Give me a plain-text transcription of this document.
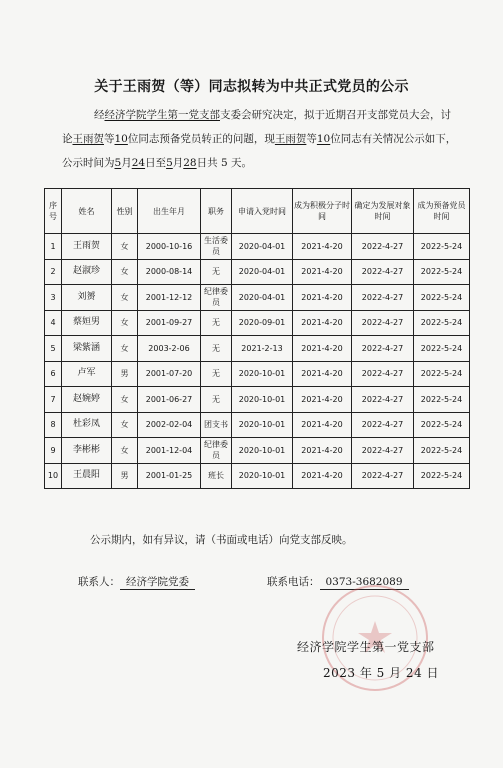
关于王雨贺（等）同志拟转为中共正式党员的公示
经经济学院学生第一党支部支委会研究决定，拟于近期召开支部党员大会，讨论王雨贺等10位同志预备党员转正的问题，现王雨贺等10位同志有关情况公示如下，公示时间为5月24日至5月28日共 5 天。
序号	姓名	性别	出生年月	职务	申请入党时间	成为积极分子时间	确定为发展对象时间	成为预备党员时间
1	王雨贺	女	2000-10-16	生活委员	2020-04-01	2021-4-20	2022-4-27	2022-5-24
2	赵淑珍	女	2000-08-14	无	2020-04-01	2021-4-20	2022-4-27	2022-5-24
3	刘赟	女	2001-12-12	纪律委员	2020-04-01	2021-4-20	2022-4-27	2022-5-24
4	蔡姮男	女	2001-09-27	无	2020-09-01	2021-4-20	2022-4-27	2022-5-24
5	梁紫涵	女	2003-2-06	无	2021-2-13	2021-4-20	2022-4-27	2022-5-24
6	卢军	男	2001-07-20	无	2020-10-01	2021-4-20	2022-4-27	2022-5-24
7	赵婉婷	女	2001-06-27	无	2020-10-01	2021-4-20	2022-4-27	2022-5-24
8	杜彩凤	女	2002-02-04	团支书	2020-10-01	2021-4-20	2022-4-27	2022-5-24
9	李彬彬	女	2001-12-04	纪律委员	2020-10-01	2021-4-20	2022-4-27	2022-5-24
10	王晨阳	男	2001-01-25	班长	2020-10-01	2021-4-20	2022-4-27	2022-5-24
公示期内，如有异议，请（书面或电话）向党支部反映。
联系人： 经济学院党委	联系电话： 0373-3682089
经济学院学生第一党支部
2023 年 5 月 24 日
